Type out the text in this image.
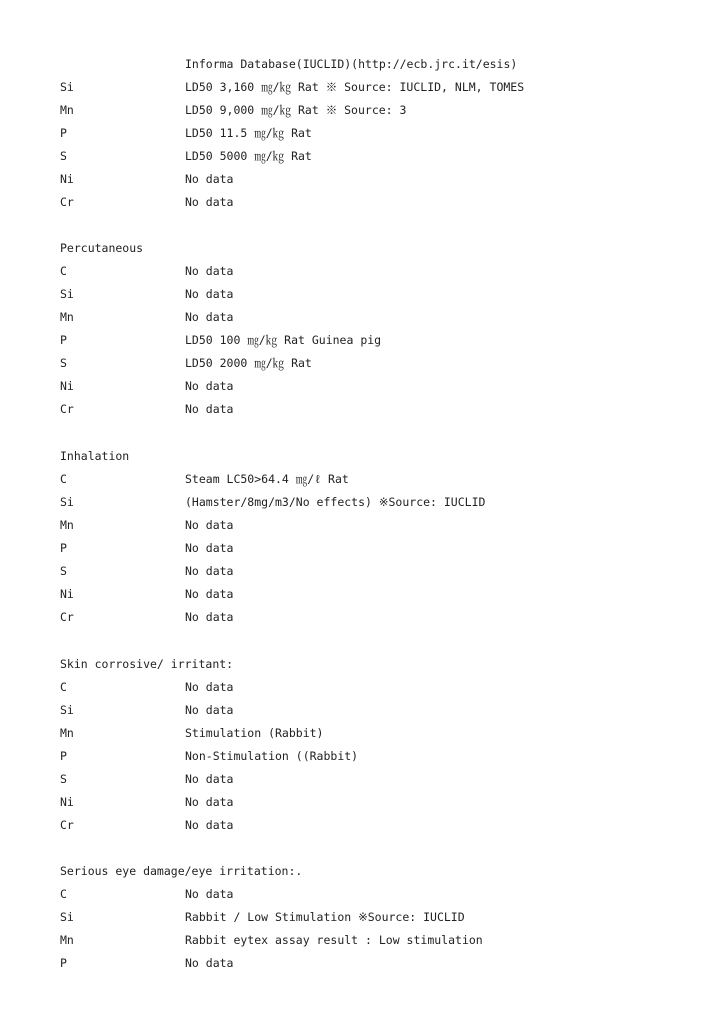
Informa Database(IUCLID)(http://ecb.jrc.it/esis)
Si	LD50 3,160 ㎎/㎏ Rat ※ Source: IUCLID, NLM, TOMES
Mn	LD50 9,000 ㎎/㎏ Rat ※ Source: 3
P	LD50 11.5 ㎎/㎏ Rat
S	LD50 5000 ㎎/㎏ Rat
Ni	No data
Cr	No data
Percutaneous
C	No data
Si	No data
Mn	No data
P	LD50 100 ㎎/㎏ Rat Guinea pig
S	LD50 2000 ㎎/㎏ Rat
Ni	No data
Cr	No data
Inhalation
C	Steam LC50>64.4 ㎎/ℓ Rat
Si	(Hamster/8mg/m3/No effects) ※Source: IUCLID
Mn	No data
P	No data
S	No data
Ni	No data
Cr	No data
Skin corrosive/ irritant:
C	No data
Si	No data
Mn	Stimulation (Rabbit)
P	Non-Stimulation ((Rabbit)
S	No data
Ni	No data
Cr	No data
Serious eye damage/eye irritation:.
C	No data
Si	Rabbit / Low Stimulation ※Source: IUCLID
Mn	Rabbit eytex assay result : Low stimulation
P	No data
